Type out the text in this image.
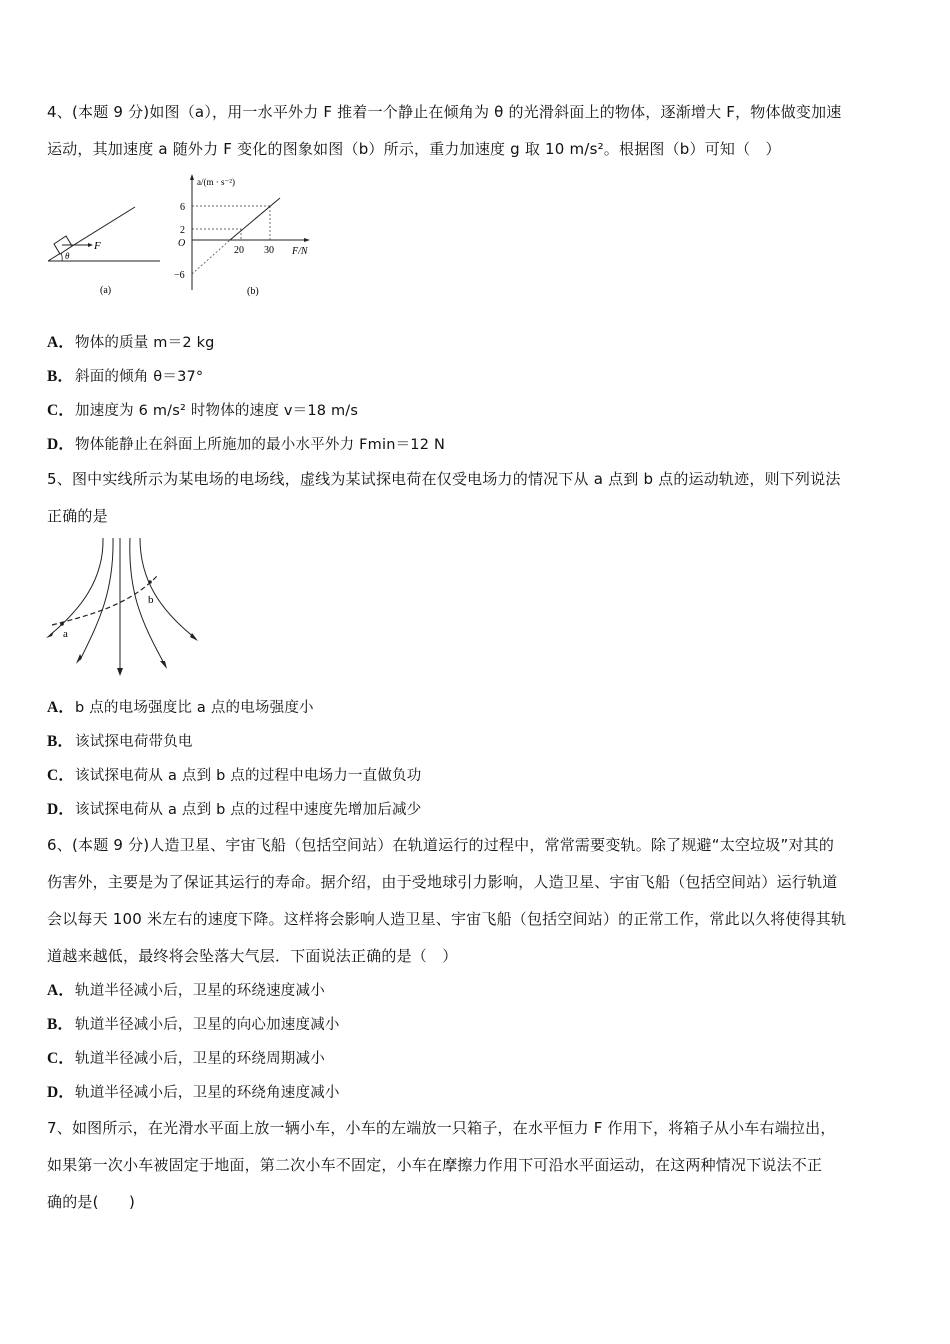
4、(本题 9 分)如图（a），用一水平外力 F 推着一个静止在倾角为 θ 的光滑斜面上的物体，逐渐增大 F，物体做变加速
运动，其加速度 a 随外力 F 变化的图象如图（b）所示，重力加速度 g 取 10 m/s²。根据图（b）可知（　）
F
θ
(a)
a/(m · s⁻²)
F/N
O
6
2
−6
20 30
(b)
A．物体的质量 m＝2 kg
B． 斜面的倾角 θ＝37°
C．加速度为 6 m/s² 时物体的速度 v＝18 m/s
D．物体能静止在斜面上所施加的最小水平外力 Fmin＝12 N
5、图中实线所示为某电场的电场线，虚线为某试探电荷在仅受电场力的情况下从 a 点到 b 点的运动轨迹，则下列说法
正确的是
a
b
A．b 点的电场强度比 a 点的电场强度小
B． 该试探电荷带负电
C．该试探电荷从 a 点到 b 点的过程中电场力一直做负功
D．该试探电荷从 a 点到 b 点的过程中速度先增加后减少
6、(本题 9 分)人造卫星、宇宙飞船（包括空间站）在轨道运行的过程中，常常需要变轨。除了规避“太空垃圾”对其的
伤害外，主要是为了保证其运行的寿命。据介绍，由于受地球引力影响，人造卫星、宇宙飞船（包括空间站）运行轨道
会以每天 100 米左右的速度下降。这样将会影响人造卫星、宇宙飞船（包括空间站）的正常工作，常此以久将使得其轨
道越来越低，最终将会坠落大气层．下面说法正确的是（　）
A．轨道半径减小后，卫星的环绕速度减小
B． 轨道半径减小后，卫星的向心加速度减小
C．轨道半径减小后，卫星的环绕周期减小
D．轨道半径减小后，卫星的环绕角速度减小
7、如图所示，在光滑水平面上放一辆小车，小车的左端放一只箱子，在水平恒力 F 作用下，将箱子从小车右端拉出，
如果第一次小车被固定于地面，第二次小车不固定，小车在摩擦力作用下可沿水平面运动，在这两种情况下说法不正
确的是(　　)
